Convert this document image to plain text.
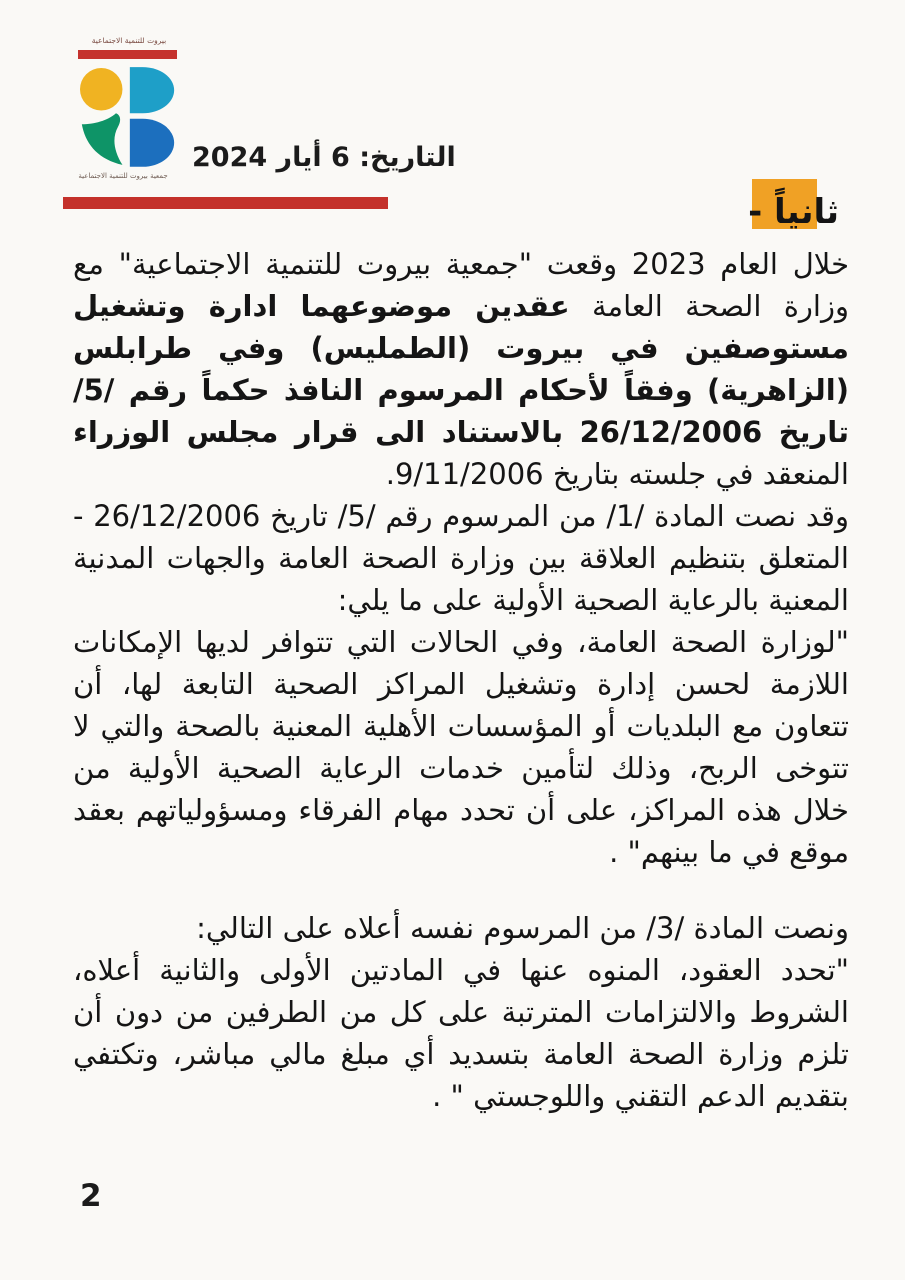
بيروت للتنمية الاجتماعية
جمعية بيروت للتنمية الاجتماعية
التاريخ: 6 أيار 2024
ثانياً -

خلال العام 2023 وقعت "جمعية بيروت للتنمية الاجتماعية" مع وزارة الصحة العامة عقدين موضوعهما ادارة وتشغيل مستوصفين في بيروت (الطمليس) وفي طرابلس (الزاهرية) وفقاً لأحكام المرسوم النافذ حكماً رقم /5/ تاريخ 26/12/2006 بالاستناد الى قرار مجلس الوزراء المنعقد في جلسته بتاريخ 9/11/2006.

وقد نصت المادة /1/ من المرسوم رقم /5/ تاريخ 26/12/2006 - المتعلق بتنظيم العلاقة بين وزارة الصحة العامة والجهات المدنية المعنية بالرعاية الصحية الأولية على ما يلي:

"لوزارة الصحة العامة، وفي الحالات التي تتوافر لديها الإمكانات اللازمة لحسن إدارة وتشغيل المراكز الصحية التابعة لها، أن تتعاون مع البلديات أو المؤسسات الأهلية المعنية بالصحة والتي لا تتوخى الربح، وذلك لتأمين خدمات الرعاية الصحية الأولية من خلال هذه المراكز، على أن تحدد مهام الفرقاء ومسؤولياتهم بعقد موقع في ما بينهم" .

ونصت المادة /3/ من المرسوم نفسه أعلاه على التالي:

"تحدد العقود، المنوه عنها في المادتين الأولى والثانية أعلاه، الشروط والالتزامات المترتبة على كل من الطرفين من دون أن تلزم وزارة الصحة العامة بتسديد أي مبلغ مالي مباشر، وتكتفي بتقديم الدعم التقني واللوجستي " .

2
